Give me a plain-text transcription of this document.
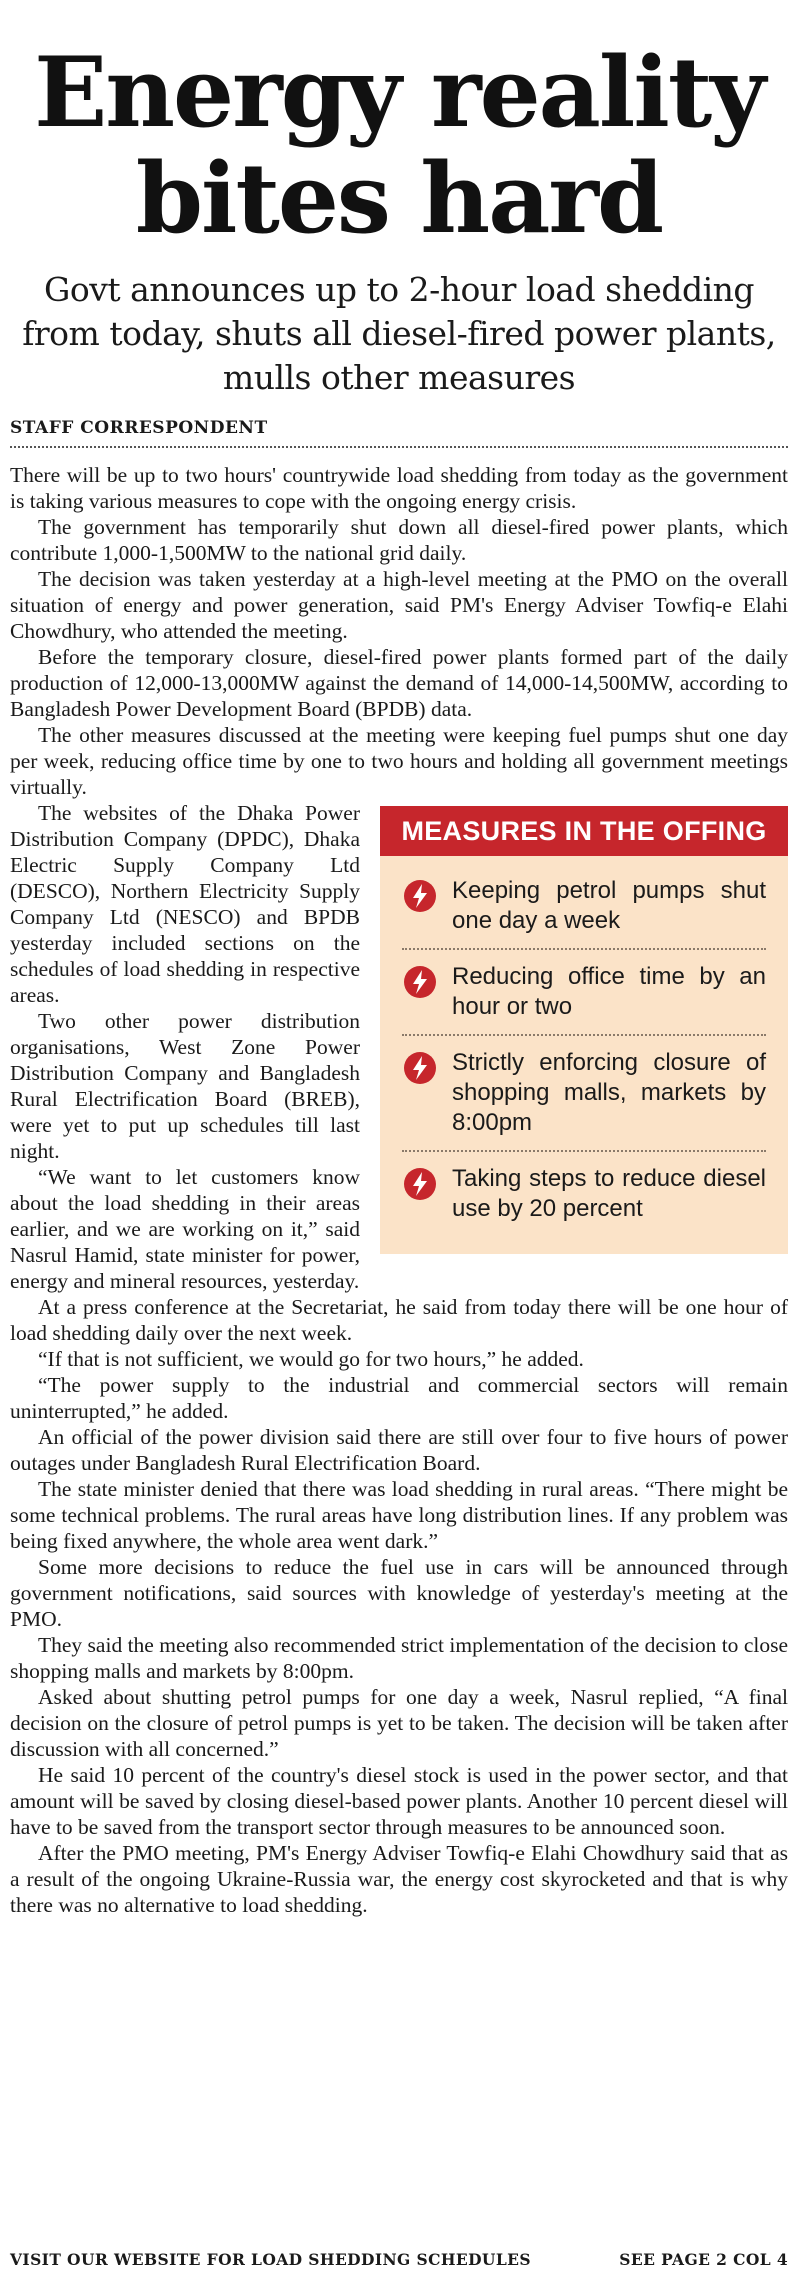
Energy reality
bites hard
Govt announces up to 2-hour load shedding from today, shuts all diesel-fired power plants, mulls other measures
STAFF CORRESPONDENT

There will be up to two hours' countrywide load shedding from today as the government is taking various measures to cope with the ongoing energy crisis.

The government has temporarily shut down all diesel-fired power plants, which contribute 1,000-1,500MW to the national grid daily.

The decision was taken yesterday at a high-level meeting at the PMO on the overall situation of energy and power generation, said PM's Energy Adviser Towfiq-e Elahi Chowdhury, who attended the meeting.

Before the temporary closure, diesel-fired power plants formed part of the daily production of 12,000-13,000MW against the demand of 14,000-14,500MW, according to Bangladesh Power Development Board (BPDB) data.

The other measures discussed at the meeting were keeping fuel pumps shut one day per week, reducing office time by one to two hours and holding all government meetings virtually.

MEASURES IN THE OFFING
Keeping petrol pumps shut one day a week
Reducing office time by an hour or two
Strictly enforcing closure of shopping malls, markets by 8:00pm
Taking steps to reduce diesel use by 20 percent

The websites of the Dhaka Power Distribution Company (DPDC), Dhaka Electric Supply Company Ltd (DESCO), Northern Electricity Supply Company Ltd (NESCO) and BPDB yesterday included sections on the schedules of load shedding in respective areas.

Two other power distribution organisations, West Zone Power Distribution Company and Bangladesh Rural Electrification Board (BREB), were yet to put up schedules till last night.

“We want to let customers know about the load shedding in their areas earlier, and we are working on it,” said Nasrul Hamid, state minister for power, energy and mineral resources, yesterday.

At a press conference at the Secretariat, he said from today there will be one hour of load shedding daily over the next week.

“If that is not sufficient, we would go for two hours,” he added.

“The power supply to the industrial and commercial sectors will remain uninterrupted,” he added.

An official of the power division said there are still over four to five hours of power outages under Bangladesh Rural Electrification Board.

The state minister denied that there was load shedding in rural areas. “There might be some technical problems. The rural areas have long distribution lines. If any problem was being fixed anywhere, the whole area went dark.”

Some more decisions to reduce the fuel use in cars will be announced through government notifications, said sources with knowledge of yesterday's meeting at the PMO.

They said the meeting also recommended strict implementation of the decision to close shopping malls and markets by 8:00pm.

Asked about shutting petrol pumps for one day a week, Nasrul replied, “A final decision on the closure of petrol pumps is yet to be taken. The decision will be taken after discussion with all concerned.”

He said 10 percent of the country's diesel stock is used in the power sector, and that amount will be saved by closing diesel-based power plants. Another 10 percent diesel will have to be saved from the transport sector through measures to be announced soon.

After the PMO meeting, PM's Energy Adviser Towfiq-e Elahi Chowdhury said that as a result of the ongoing Ukraine-Russia war, the energy cost skyrocketed and that is why there was no alternative to load shedding.

VISIT OUR WEBSITE FOR LOAD SHEDDING SCHEDULES	SEE PAGE 2 COL 4
